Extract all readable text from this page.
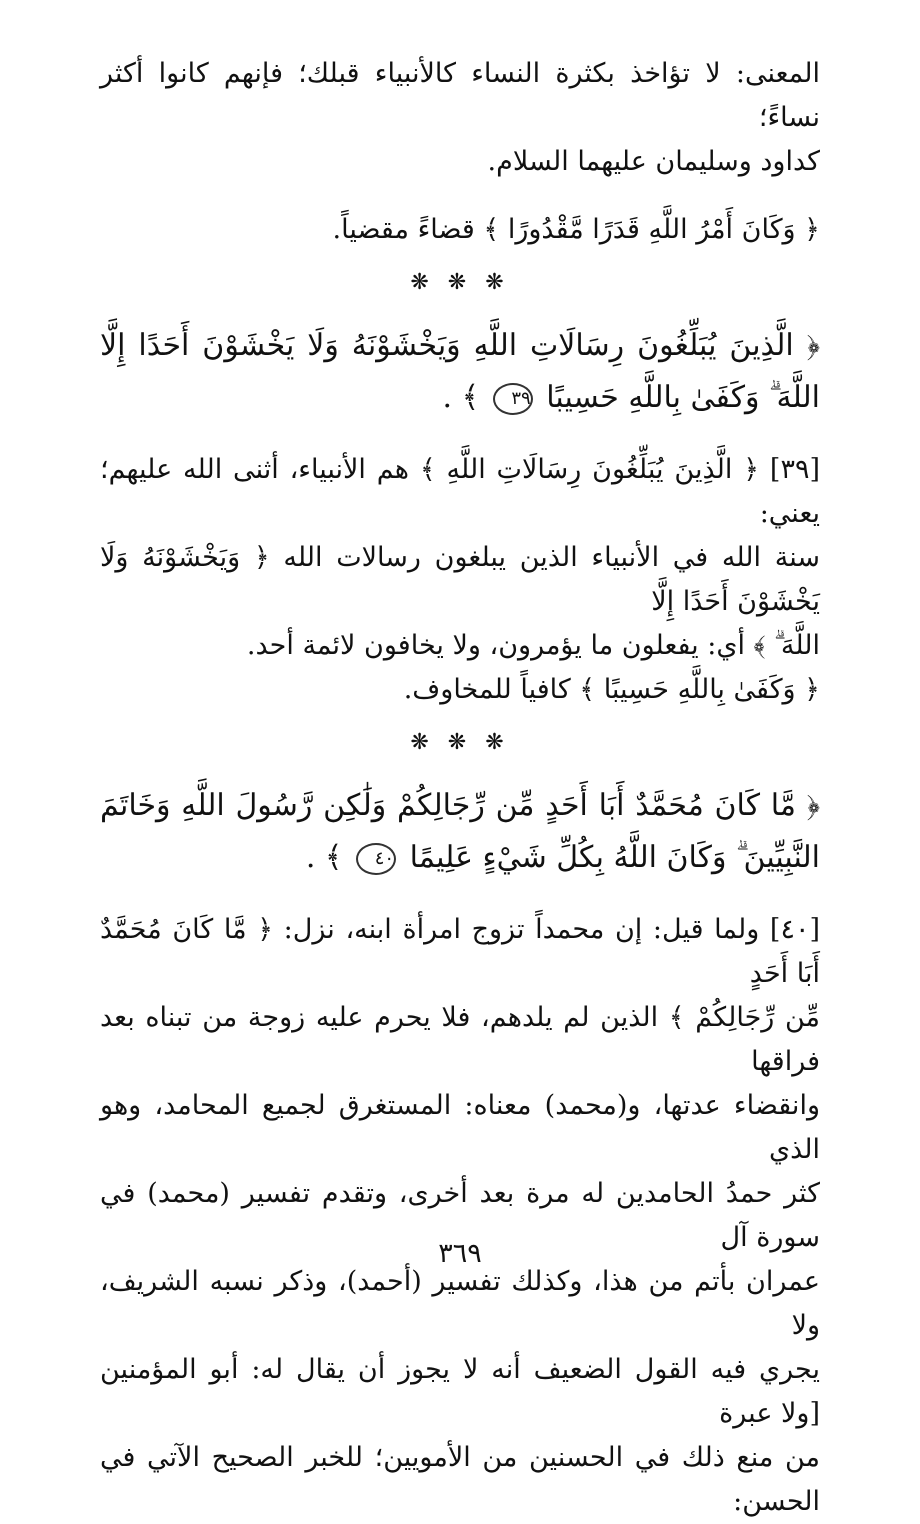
المعنى: لا تؤاخذ بكثرة النساء كالأنبياء قبلك؛ فإنهم كانوا أكثر نساءً؛

كداود وسليمان عليهما السلام.

﴿ وَكَانَ أَمْرُ اللَّهِ قَدَرًا مَّقْدُورًا ﴾ قضاءً مقضياً.

❋ ❋ ❋

﴿ الَّذِينَ يُبَلِّغُونَ رِسَالَاتِ اللَّهِ وَيَخْشَوْنَهُ وَلَا يَخْشَوْنَ أَحَدًا إِلَّا اللَّهَ ۗ وَكَفَىٰ بِاللَّهِ حَسِيبًا ٣٩ ﴾ .

[٣٩] ﴿ الَّذِينَ يُبَلِّغُونَ رِسَالَاتِ اللَّهِ ﴾ هم الأنبياء، أثنى الله عليهم؛ يعني:

سنة الله في الأنبياء الذين يبلغون رسالات الله ﴿ وَيَخْشَوْنَهُ وَلَا يَخْشَوْنَ أَحَدًا إِلَّا

اللَّهَ ۗ ﴾ أي: يفعلون ما يؤمرون، ولا يخافون لائمة أحد.

﴿ وَكَفَىٰ بِاللَّهِ حَسِيبًا ﴾ كافياً للمخاوف.

❋ ❋ ❋

﴿ مَّا كَانَ مُحَمَّدٌ أَبَا أَحَدٍ مِّن رِّجَالِكُمْ وَلَٰكِن رَّسُولَ اللَّهِ وَخَاتَمَ النَّبِيِّينَ ۗ وَكَانَ اللَّهُ بِكُلِّ شَيْءٍ عَلِيمًا ٤٠ ﴾ .

[٤٠] ولما قيل: إن محمداً تزوج امرأة ابنه، نزل: ﴿ مَّا كَانَ مُحَمَّدٌ أَبَا أَحَدٍ

مِّن رِّجَالِكُمْ ﴾ الذين لم يلدهم، فلا يحرم عليه زوجة من تبناه بعد فراقها

وانقضاء عدتها، و(محمد) معناه: المستغرق لجميع المحامد، وهو الذي

كثر حمدُ الحامدين له مرة بعد أخرى، وتقدم تفسير (محمد) في سورة آل

عمران بأتم من هذا، وكذلك تفسير (أحمد)، وذكر نسبه الشريف، ولا

يجري فيه القول الضعيف أنه لا يجوز أن يقال له: أبو المؤمنين [ولا عبرة

من منع ذلك في الحسنين من الأمويين؛ للخبر الصحيح الآتي في الحسن:

٣٦٩
